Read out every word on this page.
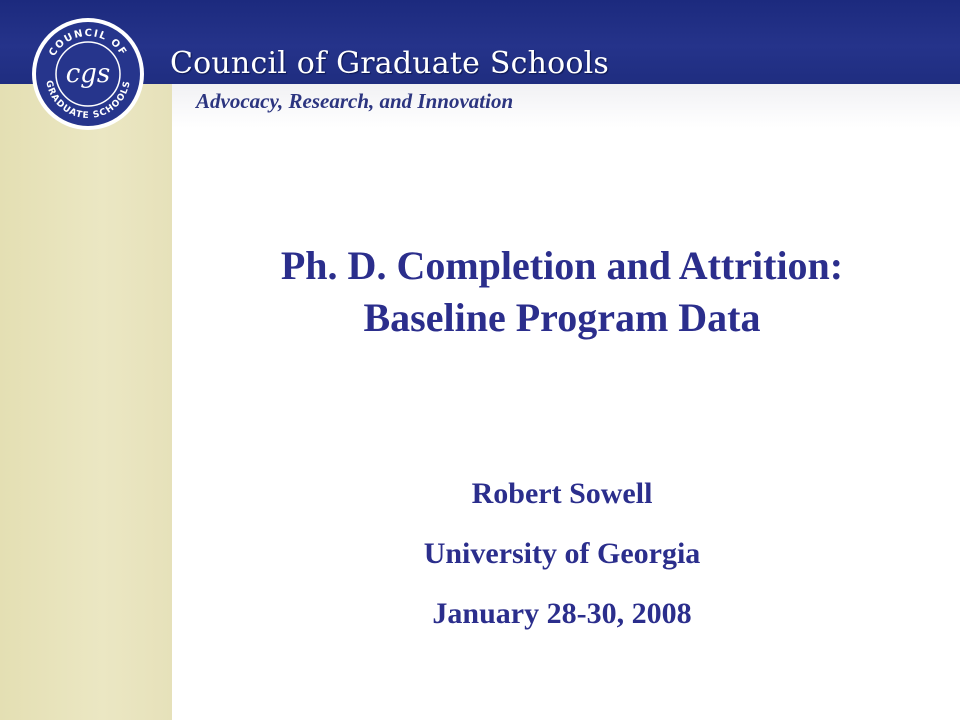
COUNCIL OF
GRADUATE SCHOOLS
cgs Council of Graduate Schools
Advocacy, Research, and Innovation
Ph. D. Completion and Attrition:
Baseline Program Data
Robert Sowell
University of Georgia
January 28-30, 2008
